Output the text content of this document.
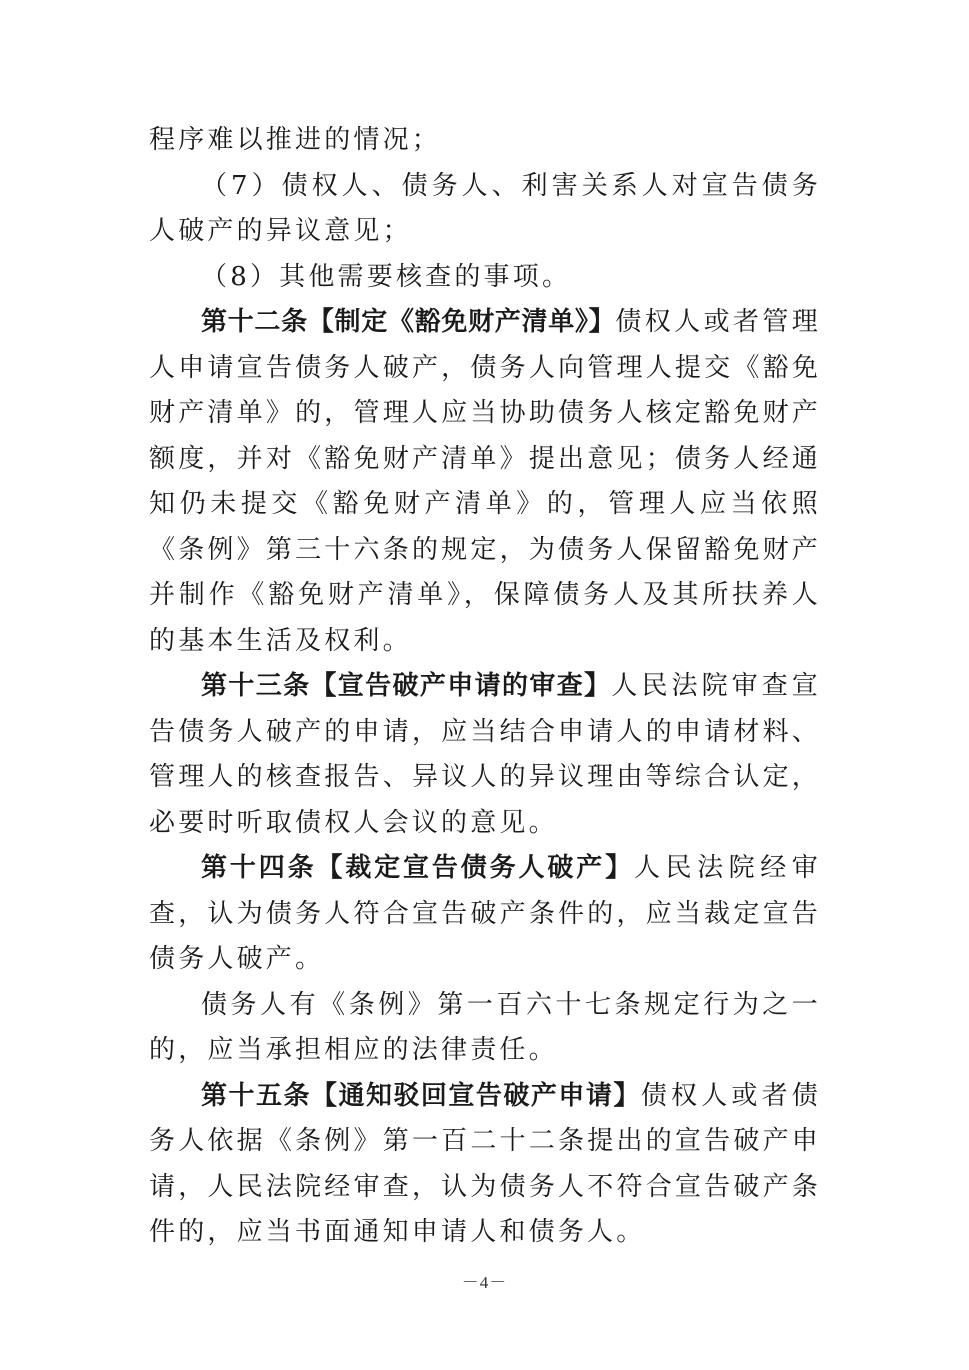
程序难以推进的情况；

（7）债权人、债务人、利害关系人对宣告债务人破产的异议意见；

（8）其他需要核查的事项。

第十二条【制定《豁免财产清单》】债权人或者管理人申请宣告债务人破产，债务人向管理人提交《豁免财产清单》的，管理人应当协助债务人核定豁免财产额度，并对《豁免财产清单》提出意见；债务人经通知仍未提交《豁免财产清单》的，管理人应当依照《条例》第三十六条的规定，为债务人保留豁免财产并制作《豁免财产清单》，保障债务人及其所扶养人的基本生活及权利。

第十三条【宣告破产申请的审查】人民法院审查宣告债务人破产的申请，应当结合申请人的申请材料、管理人的核查报告、异议人的异议理由等综合认定，必要时听取债权人会议的意见。

第十四条【裁定宣告债务人破产】人民法院经审查，认为债务人符合宣告破产条件的，应当裁定宣告债务人破产。

债务人有《条例》第一百六十七条规定行为之一的，应当承担相应的法律责任。

第十五条【通知驳回宣告破产申请】债权人或者债务人依据《条例》第一百二十二条提出的宣告破产申请，人民法院经审查，认为债务人不符合宣告破产条件的，应当书面通知申请人和债务人。

－4－
